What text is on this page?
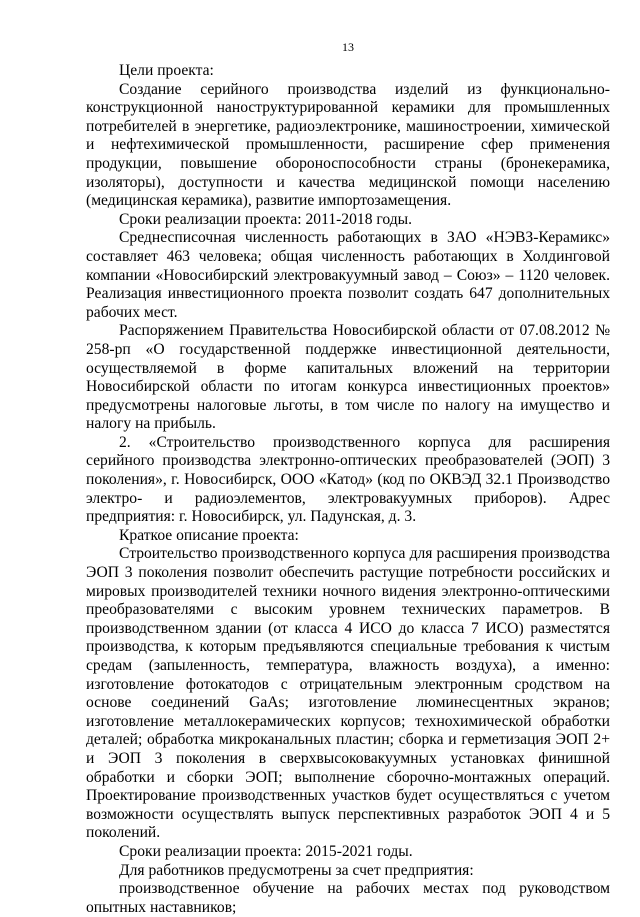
13

Цели проекта:

Создание серийного производства изделий из функционально-конструкционной наноструктурированной керамики для промышленных потребителей в энергетике, радиоэлектронике, машиностроении, химической и нефтехимической промышленности, расширение сфер применения продукции, повышение обороноспособности страны (бронекерамика, изоляторы), доступности и качества медицинской помощи населению (медицинская керамика), развитие импортозамещения.

Сроки реализации проекта: 2011-2018 годы.

Среднесписочная численность работающих в ЗАО «НЭВЗ-Керамикс» составляет 463 человека; общая численность работающих в Холдинговой компании «Новосибирский электровакуумный завод – Союз» – 1120 человек. Реализация инвестиционного проекта позволит создать 647 дополнительных рабочих мест.

Распоряжением Правительства Новосибирской области от 07.08.2012 № 258-рп «О государственной поддержке инвестиционной деятельности, осуществляемой в форме капитальных вложений на территории Новосибирской области по итогам конкурса инвестиционных проектов» предусмотрены налоговые льготы, в том числе по налогу на имущество и налогу на прибыль.

2. «Строительство производственного корпуса для расширения серийного производства электронно-оптических преобразователей (ЭОП) 3 поколения», г. Новосибирск, ООО «Катод» (код по ОКВЭД 32.1 Производство электро- и радиоэлементов, электровакуумных приборов). Адрес предприятия: г. Новосибирск, ул. Падунская, д. 3.

Краткое описание проекта:

Строительство производственного корпуса для расширения производства ЭОП 3 поколения позволит обеспечить растущие потребности российских и мировых производителей техники ночного видения электронно-оптическими преобразователями с высоким уровнем технических параметров. В производственном здании (от класса 4 ИСО до класса 7 ИСО) разместятся производства, к которым предъявляются специальные требования к чистым средам (запыленность, температура, влажность воздуха), а именно: изготовление фотокатодов с отрицательным электронным сродством на основе соединений GaAs; изготовление люминесцентных экранов; изготовление металлокерамических корпусов; технохимической обработки деталей; обработка микроканальных пластин; сборка и герметизация ЭОП 2+ и ЭОП 3 поколения в сверхвысоковакуумных установках финишной обработки и сборки ЭОП; выполнение сборочно-монтажных операций. Проектирование производственных участков будет осуществляться с учетом возможности осуществлять выпуск перспективных разработок ЭОП 4 и 5 поколений.

Сроки реализации проекта: 2015-2021 годы.

Для работников предусмотрены за счет предприятия:

производственное обучение на рабочих местах под руководством опытных наставников;
